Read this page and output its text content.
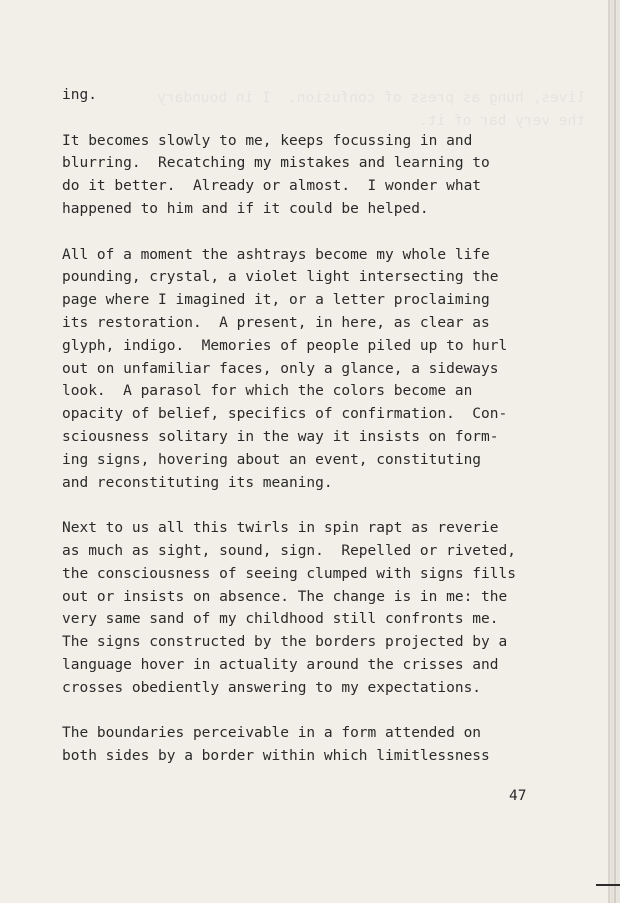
lives, hung as press of confusion.  I in boundary
the very bar of it.
ing.
It becomes slowly to me, keeps focussing in and
blurring.  Recatching my mistakes and learning to
do it better.  Already or almost.  I wonder what
happened to him and if it could be helped.
All of a moment the ashtrays become my whole life
pounding, crystal, a violet light intersecting the
page where I imagined it, or a letter proclaiming
its restoration.  A present, in here, as clear as
glyph, indigo.  Memories of people piled up to hurl
out on unfamiliar faces, only a glance, a sideways
look.  A parasol for which the colors become an
opacity of belief, specifics of confirmation.  Con-
sciousness solitary in the way it insists on form-
ing signs, hovering about an event, constituting
and reconstituting its meaning.
Next to us all this twirls in spin rapt as reverie
as much as sight, sound, sign.  Repelled or riveted,
the consciousness of seeing clumped with signs fills
out or insists on absence. The change is in me: the
very same sand of my childhood still confronts me.
The signs constructed by the borders projected by a
language hover in actuality around the crisses and
crosses obediently answering to my expectations.
The boundaries perceivable in a form attended on
both sides by a border within which limitlessness
47
